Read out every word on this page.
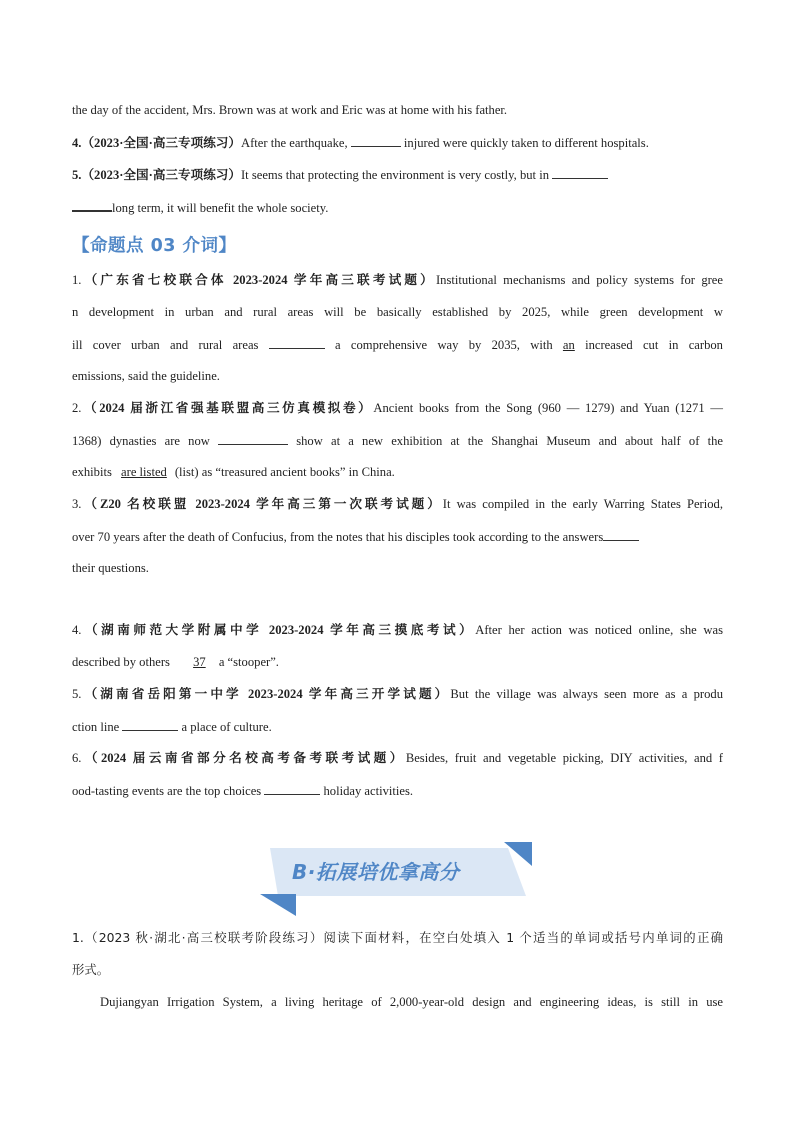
the day of the accident, Mrs. Brown was at work and Eric was at home with his father.
4.（2023·全国·高三专项练习）After the earthquake,	injured were quickly taken to different hospitals.
5.（2023·全国·高三专项练习）It seems that protecting the environment is very costly, but in
long term, it will benefit the whole society.
【命题点 03 介词】
1.（广东省七校联合体 2023-2024 学年高三联考试题）Institutional mechanisms and policy systems for gree
n development in urban and rural areas will be basically established by 2025, while green development w
ill cover urban and rural areas	a comprehensive way by 2035, with an increased cut in carbon
emissions, said the guideline.
2.（2024 届浙江省强基联盟高三仿真模拟卷）Ancient books from the Song (960 — 1279) and Yuan (1271 —
1368) dynasties are now	show at a new exhibition at the Shanghai Museum and about half of the
exhibits are listed (list) as “treasured ancient books” in China.
3.（Z20 名校联盟 2023-2024 学年高三第一次联考试题）It was compiled in the early Warring States Period,
over 70 years after the death of Confucius, from the notes that his disciples took according to the answers
their questions.
4.（湖南师范大学附属中学 2023-2024 学年高三摸底考试）After her action was noticed online, she was
described by others 37 a “stooper”.
5.（湖南省岳阳第一中学 2023-2024 学年高三开学试题）But the village was always seen more as a produ
ction line	a place of culture.
6.（2024 届云南省部分名校高考备考联考试题）Besides, fruit and vegetable picking, DIY activities, and f
ood-tasting events are the top choices	holiday activities.
B·拓展培优拿高分
1.（2023 秋·湖北·高三校联考阶段练习）阅读下面材料，在空白处填入 1 个适当的单词或括号内单词的正确
形式。
Dujiangyan Irrigation System, a living heritage of 2,000-year-old design and engineering ideas, is still in use
